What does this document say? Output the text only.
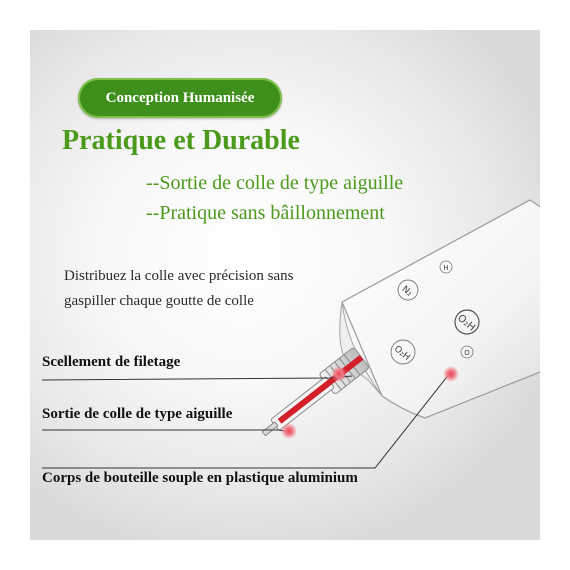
H
N₂
O₂H
O₂H	O
Conception Humanisée
Pratique et Durable
--Sortie de colle de type aiguille
--Pratique sans bâillonnement
Distribuez la colle avec précision sans
gaspiller chaque goutte de colle
Scellement de filetage
Sortie de colle de type aiguille
Corps de bouteille souple en plastique aluminium
